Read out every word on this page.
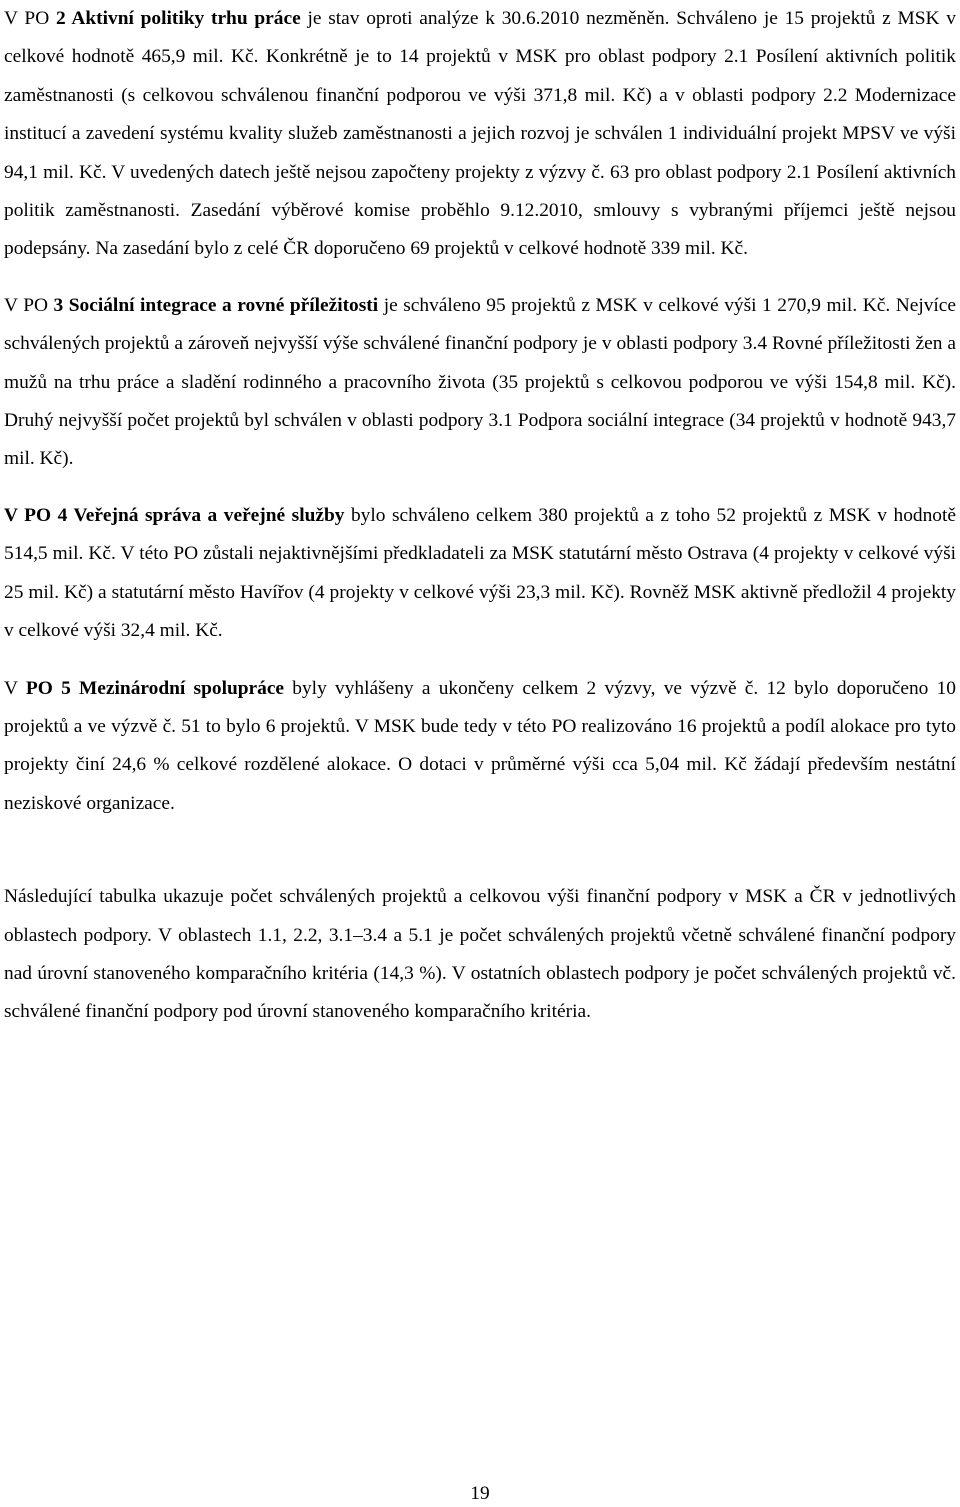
V PO 2 Aktivní politiky trhu práce je stav oproti analýze k 30.6.2010 nezměněn. Schváleno je 15 projektů z MSK v celkové hodnotě 465,9 mil. Kč. Konkrétně je to 14 projektů v MSK pro oblast podpory 2.1 Posílení aktivních politik zaměstnanosti (s celkovou schválenou finanční podporou ve výši 371,8 mil. Kč) a v oblasti podpory 2.2 Modernizace institucí a zavedení systému kvality služeb zaměstnanosti a jejich rozvoj je schválen 1 individuální projekt MPSV ve výši 94,1 mil. Kč. V uvedených datech ještě nejsou započteny projekty z výzvy č. 63 pro oblast podpory 2.1 Posílení aktivních politik zaměstnanosti. Zasedání výběrové komise proběhlo 9.12.2010, smlouvy s vybranými příjemci ještě nejsou podepsány. Na zasedání bylo z celé ČR doporučeno 69 projektů v celkové hodnotě 339 mil. Kč.

V PO 3 Sociální integrace a rovné příležitosti je schváleno 95 projektů z MSK v celkové výši 1 270,9 mil. Kč. Nejvíce schválených projektů a zároveň nejvyšší výše schválené finanční podpory je v oblasti podpory 3.4 Rovné příležitosti žen a mužů na trhu práce a sladění rodinného a pracovního života (35 projektů s celkovou podporou ve výši 154,8 mil. Kč). Druhý nejvyšší počet projektů byl schválen v oblasti podpory 3.1 Podpora sociální integrace (34 projektů v hodnotě 943,7 mil. Kč).

V PO 4 Veřejná správa a veřejné služby bylo schváleno celkem 380 projektů a z toho 52 projektů z MSK v hodnotě 514,5 mil. Kč. V této PO zůstali nejaktivnějšími předkladateli za MSK statutární město Ostrava (4 projekty v celkové výši 25 mil. Kč) a statutární město Havířov (4 projekty v celkové výši 23,3 mil. Kč). Rovněž MSK aktivně předložil 4 projekty v celkové výši 32,4 mil. Kč.

V PO 5 Mezinárodní spolupráce byly vyhlášeny a ukončeny celkem 2 výzvy, ve výzvě č. 12 bylo doporučeno 10 projektů a ve výzvě č. 51 to bylo 6 projektů. V MSK bude tedy v této PO realizováno 16 projektů a podíl alokace pro tyto projekty činí 24,6 % celkové rozdělené alokace. O dotaci v průměrné výši cca 5,04 mil. Kč žádají především nestátní neziskové organizace.

Následující tabulka ukazuje počet schválených projektů a celkovou výši finanční podpory v MSK a ČR v jednotlivých oblastech podpory. V oblastech 1.1, 2.2, 3.1–3.4 a 5.1 je počet schválených projektů včetně schválené finanční podpory nad úrovní stanoveného komparačního kritéria (14,3 %). V ostatních oblastech podpory je počet schválených projektů vč. schválené finanční podpory pod úrovní stanoveného komparačního kritéria.

19
